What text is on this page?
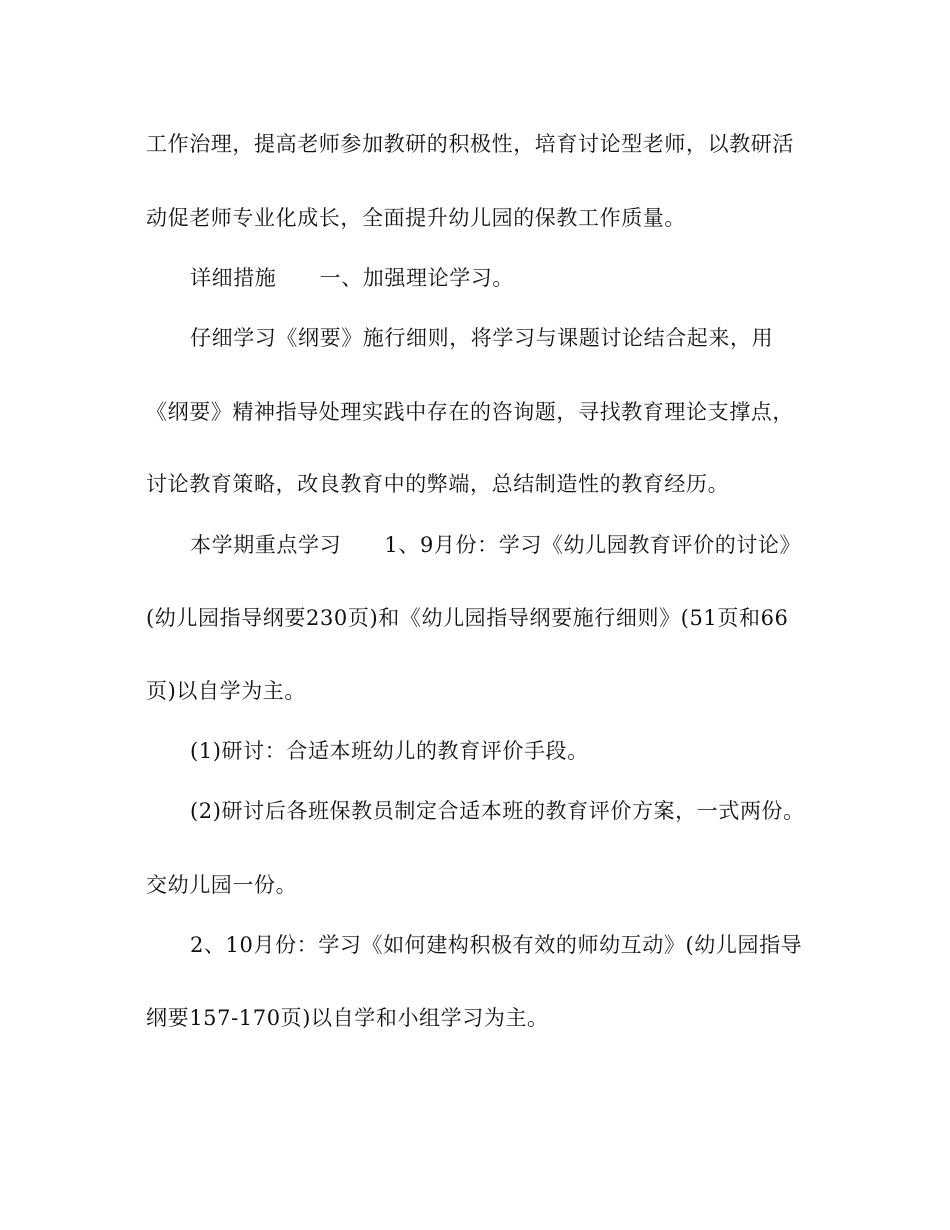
工作治理，提高老师参加教研的积极性，培育讨论型老师，以教研活
动促老师专业化成长，全面提升幼儿园的保教工作质量。
详细措施　　一、加强理论学习。
仔细学习《纲要》施行细则，将学习与课题讨论结合起来，用
《纲要》精神指导处理实践中存在的咨询题，寻找教育理论支撑点，
讨论教育策略，改良教育中的弊端，总结制造性的教育经历。
本学期重点学习　　1、9月份：学习《幼儿园教育评价的讨论》
(幼儿园指导纲要230页)和《幼儿园指导纲要施行细则》(51页和66
页)以自学为主。
(1)研讨：合适本班幼儿的教育评价手段。
(2)研讨后各班保教员制定合适本班的教育评价方案，一式两份。
交幼儿园一份。
2、10月份：学习《如何建构积极有效的师幼互动》(幼儿园指导
纲要157-170页)以自学和小组学习为主。
